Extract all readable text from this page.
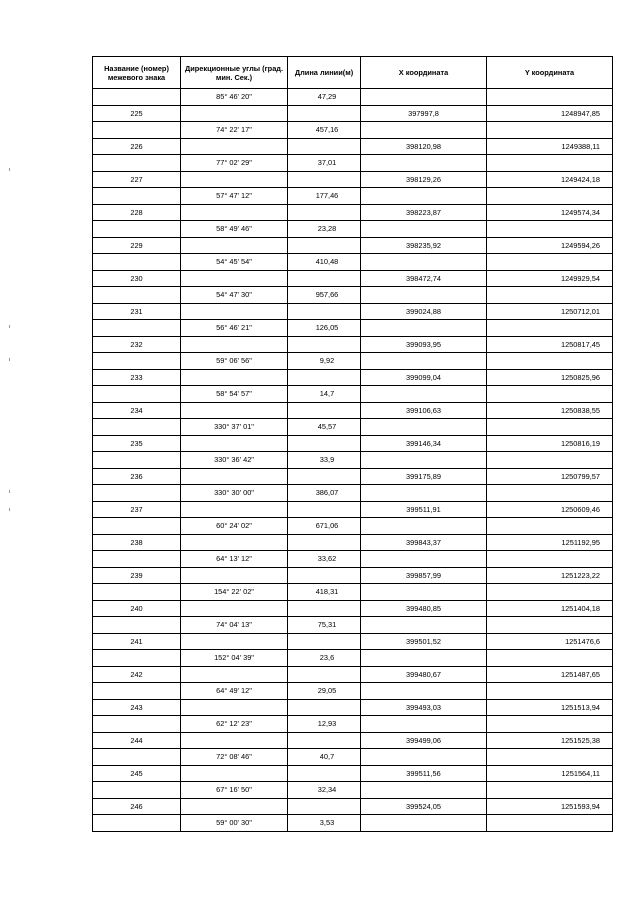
Название (номер) межевого знака	Дирекционные углы (град. мин. Сек.)	Длина линии(м)	X координата	Y координата
	85° 46' 20"	47,29		
225			397997,8	1248947,85
	74° 22' 17"	457,16		
226			398120,98	1249388,11
	77° 02' 29"	37,01		
227			398129,26	1249424,18
	57° 47' 12"	177,46		
228			398223,87	1249574,34
	58° 49' 46"	23,28		
229			398235,92	1249594,26
	54° 45' 54"	410,48		
230			398472,74	1249929,54
	54° 47' 30"	957,66		
231			399024,88	1250712,01
	56° 46' 21"	126,05		
232			399093,95	1250817,45
	59° 06' 56"	9,92		
233			399099,04	1250825,96
	58° 54' 57"	14,7		
234			399106,63	1250838,55
	330° 37' 01"	45,57		
235			399146,34	1250816,19
	330° 36' 42"	33,9		
236			399175,89	1250799,57
	330° 30' 00"	386,07		
237			399511,91	1250609,46
	60° 24' 02"	671,06		
238			399843,37	1251192,95
	64° 13' 12"	33,62		
239			399857,99	1251223,22
	154° 22' 02"	418,31		
240			399480,85	1251404,18
	74° 04' 13"	75,31		
241			399501,52	1251476,6
	152° 04' 39"	23,6		
242			399480,67	1251487,65
	64° 49' 12"	29,05		
243			399493,03	1251513,94
	62° 12' 23"	12,93		
244			399499,06	1251525,38
	72° 08' 46"	40,7		
245			399511,56	1251564,11
	67° 16' 50"	32,34		
246			399524,05	1251593,94
	59° 00' 30"	3,53		
